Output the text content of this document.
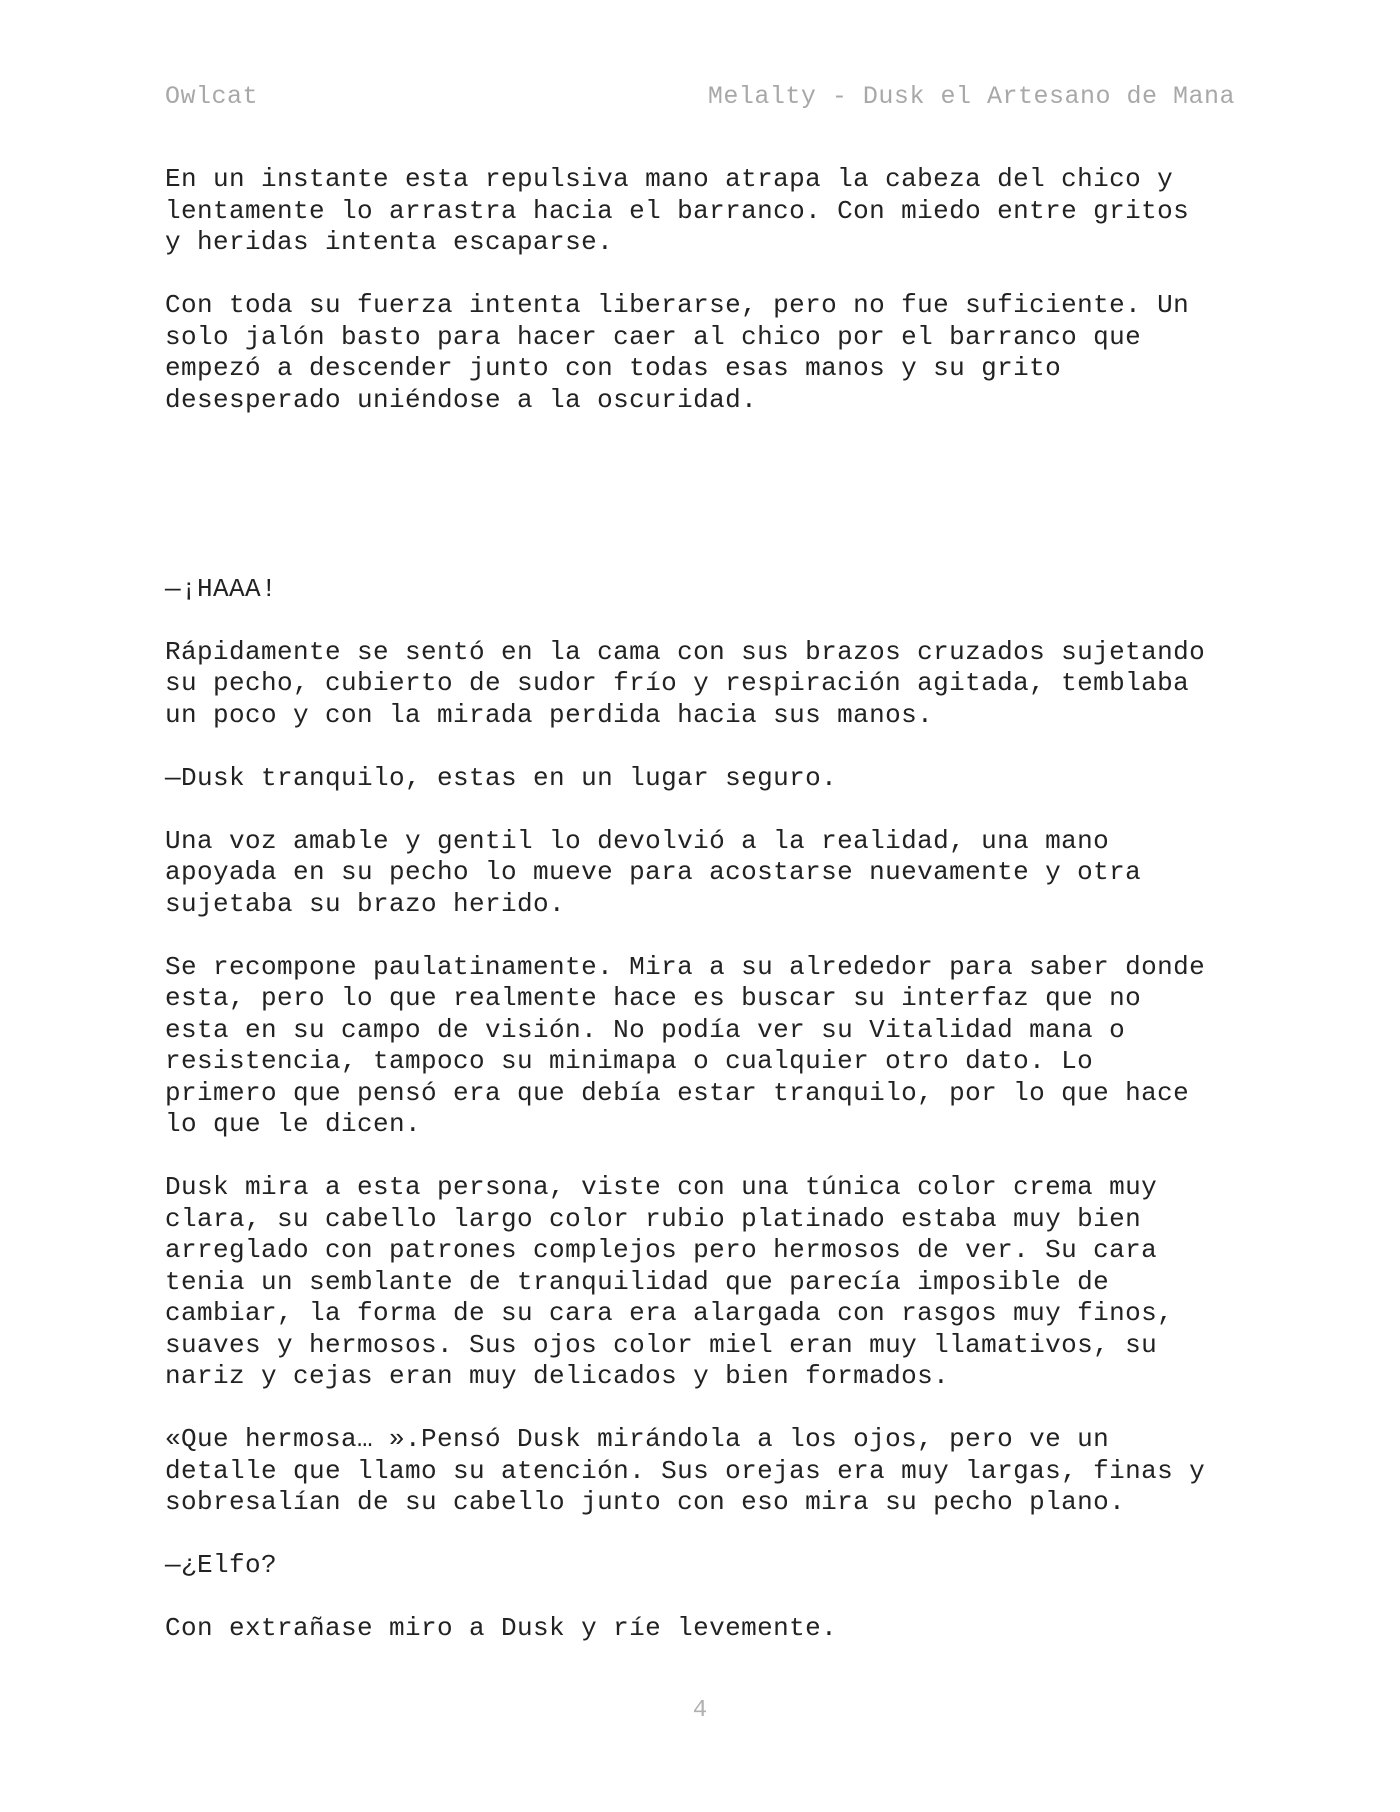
Owlcat	Melalty - Dusk el Artesano de Mana
En un instante esta repulsiva mano atrapa la cabeza del chico y
lentamente lo arrastra hacia el barranco. Con miedo entre gritos
y heridas intenta escaparse.
Con toda su fuerza intenta liberarse, pero no fue suficiente. Un
solo jalón basto para hacer caer al chico por el barranco que
empezó a descender junto con todas esas manos y su grito
desesperado uniéndose a la oscuridad.
—¡HAAA!
Rápidamente se sentó en la cama con sus brazos cruzados sujetando
su pecho, cubierto de sudor frío y respiración agitada, temblaba
un poco y con la mirada perdida hacia sus manos.
—Dusk tranquilo, estas en un lugar seguro.
Una voz amable y gentil lo devolvió a la realidad, una mano
apoyada en su pecho lo mueve para acostarse nuevamente y otra
sujetaba su brazo herido.
Se recompone paulatinamente. Mira a su alrededor para saber donde
esta, pero lo que realmente hace es buscar su interfaz que no
esta en su campo de visión. No podía ver su Vitalidad mana o
resistencia, tampoco su minimapa o cualquier otro dato. Lo
primero que pensó era que debía estar tranquilo, por lo que hace
lo que le dicen.
Dusk mira a esta persona, viste con una túnica color crema muy
clara, su cabello largo color rubio platinado estaba muy bien
arreglado con patrones complejos pero hermosos de ver. Su cara
tenia un semblante de tranquilidad que parecía imposible de
cambiar, la forma de su cara era alargada con rasgos muy finos,
suaves y hermosos. Sus ojos color miel eran muy llamativos, su
nariz y cejas eran muy delicados y bien formados.
«Que hermosa… ».Pensó Dusk mirándola a los ojos, pero ve un
detalle que llamo su atención. Sus orejas era muy largas, finas y
sobresalían de su cabello junto con eso mira su pecho plano.
—¿Elfo?
Con extrañase miro a Dusk y ríe levemente.
4
